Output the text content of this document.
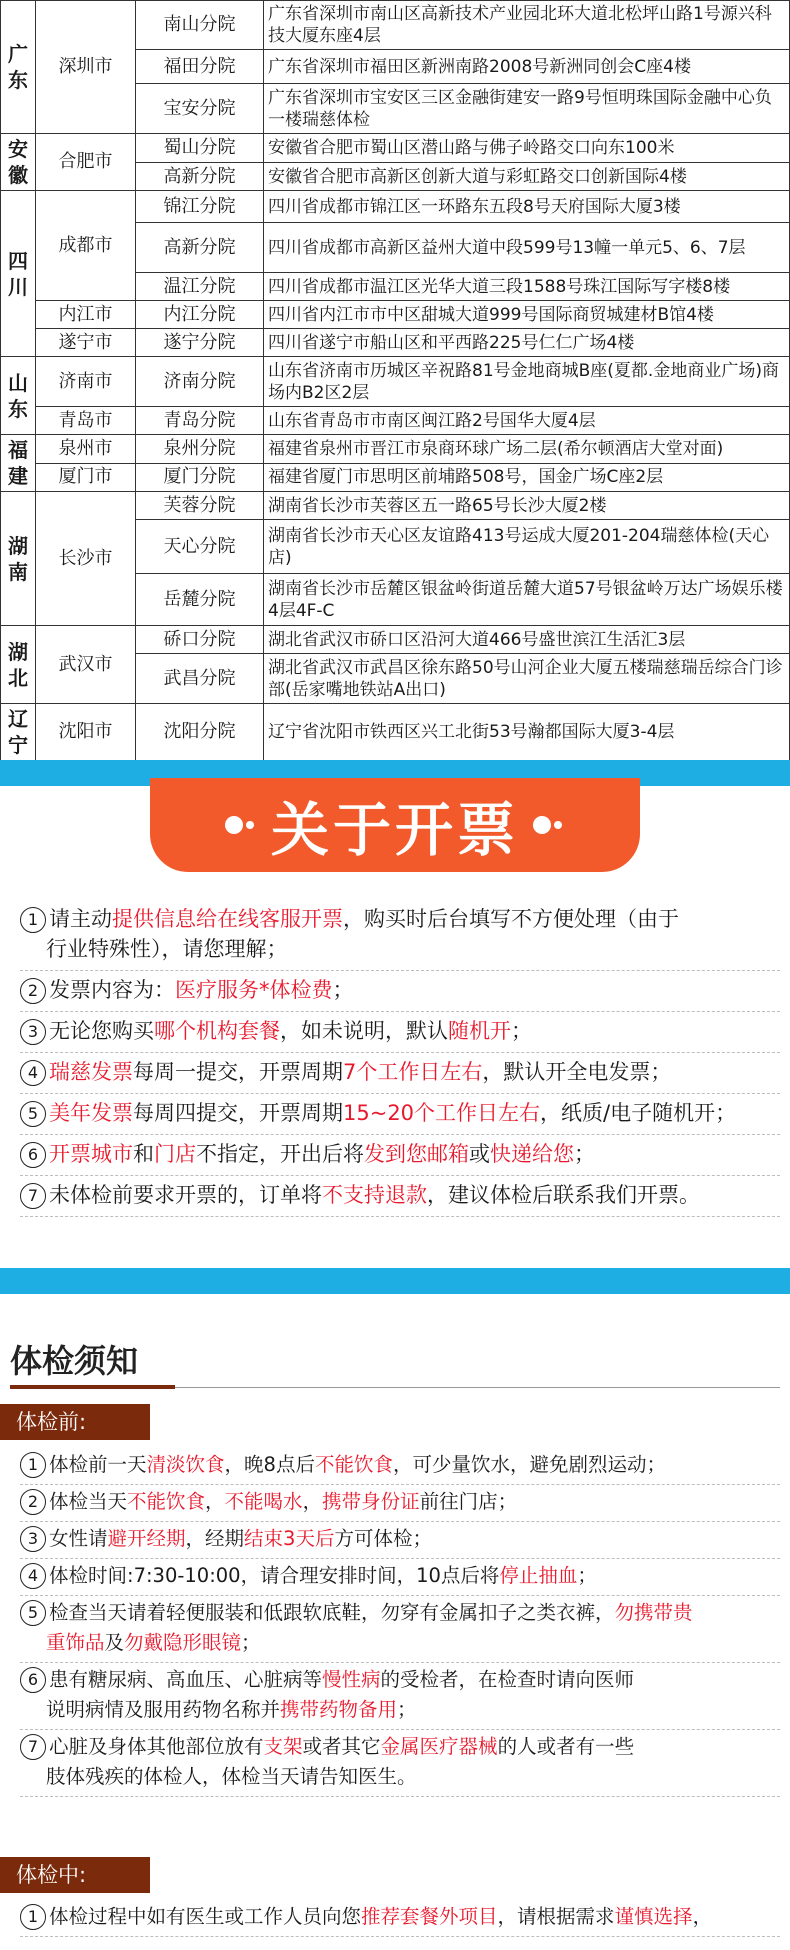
广
东	深圳市	南山分院	广东省深圳市南山区高新技术产业园北环大道北松坪山路1号源兴科技大厦东座4层
		福田分院	广东省深圳市福田区新洲南路2008号新洲同创会C座4楼
		宝安分院	广东省深圳市宝安区三区金融街建安一路9号恒明珠国际金融中心负一楼瑞慈体检

安
徽	合肥市	蜀山分院	安徽省合肥市蜀山区潜山路与佛子岭路交口向东100米
		高新分院	安徽省合肥市高新区创新大道与彩虹路交口创新国际4楼

四
川	成都市	锦江分院	四川省成都市锦江区一环路东五段8号天府国际大厦3楼
		高新分院	四川省成都市高新区益州大道中段599号13幢一单元5、6、7层
		温江分院	四川省成都市温江区光华大道三段1588号珠江国际写字楼8楼
	内江市	内江分院	四川省内江市市中区甜城大道999号国际商贸城建材B馆4楼
	遂宁市	遂宁分院	四川省遂宁市船山区和平西路225号仁仁广场4楼

山
东	济南市	济南分院	山东省济南市历城区辛祝路81号金地商城B座(夏都.金地商业广场)商场内B2区2层
	青岛市	青岛分院	山东省青岛市市南区闽江路2号国华大厦4层

福
建	泉州市	泉州分院	福建省泉州市晋江市泉商环球广场二层(希尔顿酒店大堂对面)
	厦门市	厦门分院	福建省厦门市思明区前埔路508号，国金广场C座2层

湖
南	长沙市	芙蓉分院	湖南省长沙市芙蓉区五一路65号长沙大厦2楼
		天心分院	湖南省长沙市天心区友谊路413号运成大厦201-204瑞慈体检(天心店)
		岳麓分院	湖南省长沙市岳麓区银盆岭街道岳麓大道57号银盆岭万达广场娱乐楼4层4F-C

湖
北	武汉市	硚口分院	湖北省武汉市硚口区沿河大道466号盛世滨江生活汇3层
		武昌分院	湖北省武汉市武昌区徐东路50号山河企业大厦五楼瑞慈瑞岳综合门诊部(岳家嘴地铁站A出口)

辽
宁	沈阳市	沈阳分院	辽宁省沈阳市铁西区兴工北街53号瀚都国际大厦3-4层
关于开票
1 请主动提供信息给在线客服开票，购买时后台填写不方便处理（由于
行业特殊性），请您理解；
2 发票内容为：医疗服务*体检费；
3 无论您购买哪个机构套餐，如未说明，默认随机开；
4 瑞慈发票每周一提交，开票周期7个工作日左右，默认开全电发票；
5 美年发票每周四提交，开票周期15~20个工作日左右，纸质/电子随机开；
6 开票城市和门店不指定，开出后将发到您邮箱或快递给您；
7 未体检前要求开票的，订单将不支持退款，建议体检后联系我们开票。
体检须知
体检前:
1 体检前一天清淡饮食，晚8点后不能饮食，可少量饮水，避免剧烈运动；
2 体检当天不能饮食，不能喝水，携带身份证前往门店；
3 女性请避开经期，经期结束3天后方可体检；
4 体检时间:7:30-10:00，请合理安排时间，10点后将停止抽血；
5 检查当天请着轻便服装和低跟软底鞋，勿穿有金属扣子之类衣裤，勿携带贵
重饰品及勿戴隐形眼镜；
6 患有糖尿病、高血压、心脏病等慢性病的受检者，在检查时请向医师
说明病情及服用药物名称并携带药物备用；
7 心脏及身体其他部位放有支架或者其它金属医疗器械的人或者有一些
肢体残疾的体检人，体检当天请告知医生。
体检中:
1 体检过程中如有医生或工作人员向您推荐套餐外项目，请根据需求谨慎选择，
